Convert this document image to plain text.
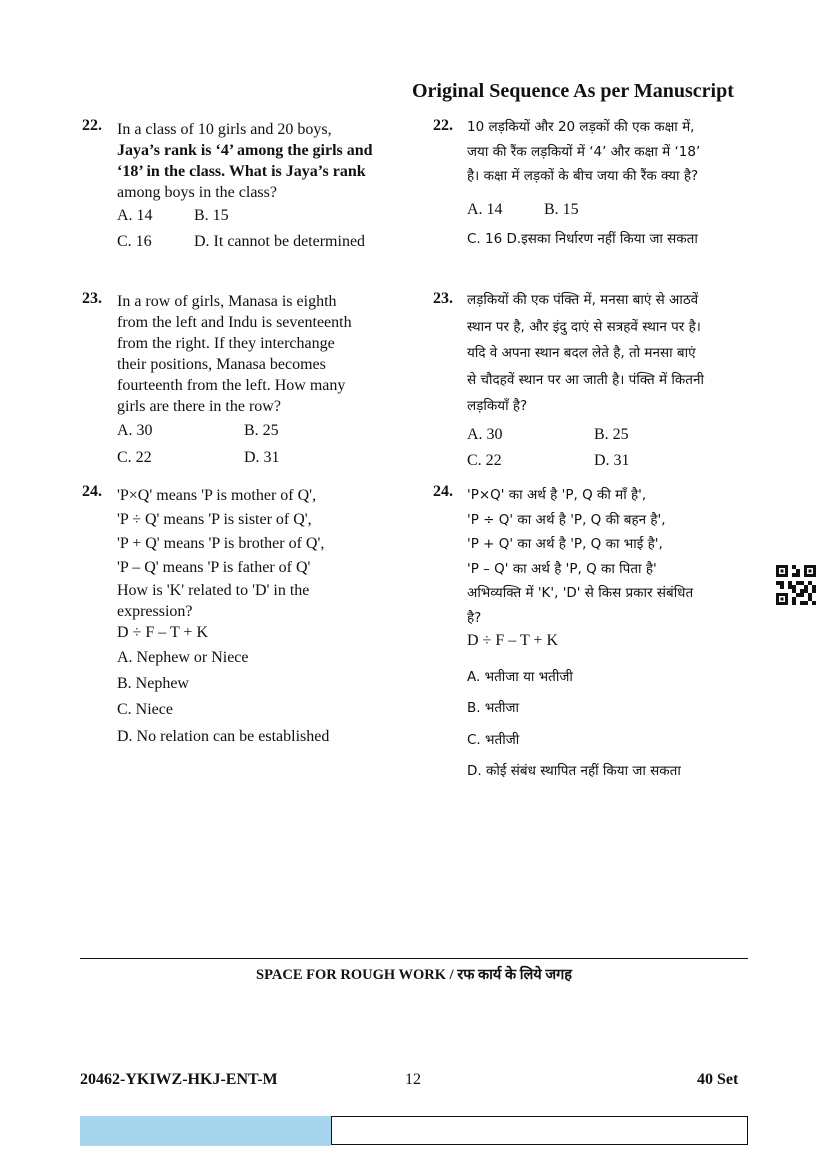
Original Sequence As per Manuscript
22. In a class of 10 girls and 20 boys,
Jaya’s rank is ‘4’ among the girls and
‘18’ in the class. What is Jaya’s rank
among boys in the class?
A. 14	B. 15
C. 16	D. It cannot be determined
22. 10 लड़कियों और 20 लड़कों की एक कक्षा में,
जया की रैंक लड़कियों में ‘4’ और कक्षा में ‘18’
है। कक्षा में लड़कों के बीच जया की रैंक क्या है?
A. 14	B. 15
C. 16 D.इसका निर्धारण नहीं किया जा सकता
23. In a row of girls, Manasa is eighth
from the left and Indu is seventeenth
from the right. If they interchange
their positions, Manasa becomes
fourteenth from the left. How many
girls are there in the row?
A. 30	B. 25
C. 22	D. 31
23. लड़कियों की एक पंक्ति में, मनसा बाएं से आठवें
स्थान पर है, और इंदु दाएं से सत्रहवें स्थान पर है।
यदि वे अपना स्थान बदल लेते है, तो मनसा बाएं
से चौदहवें स्थान पर आ जाती है। पंक्ति में कितनी
लड़कियाँ है?
A. 30	B. 25
C. 22	D. 31
24. 'P×Q' means 'P is mother of Q',
'P ÷ Q' means 'P is sister of Q',
'P + Q' means 'P is brother of Q',
'P – Q' means 'P is father of Q'
How is 'K' related to 'D' in the
expression?
D ÷ F – T + K
A. Nephew or Niece
B. Nephew
C. Niece
D. No relation can be established
24. 'P×Q' का अर्थ है 'P, Q की माँ है',
'P ÷ Q' का अर्थ है 'P, Q की बहन है',
'P + Q' का अर्थ है 'P, Q का भाई है',
'P – Q' का अर्थ है 'P, Q का पिता है'
अभिव्यक्ति में 'K', 'D' से किस प्रकार संबंधित
है?
D ÷ F – T + K
A. भतीजा या भतीजी
B. भतीजा
C. भतीजी
D. कोई संबंध स्थापित नहीं किया जा सकता
SPACE FOR ROUGH WORK / रफ कार्य के लिये जगह
20462-YKIWZ-HKJ-ENT-M	12	40 Set
